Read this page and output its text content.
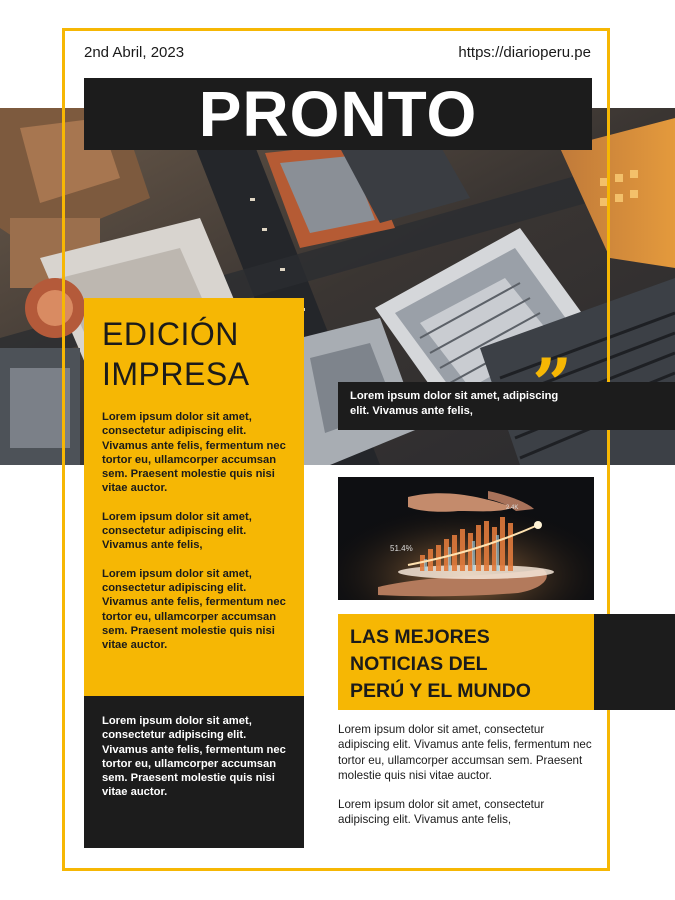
2nd Abril, 2023	https://diarioperu.pe
PRONTO
EDICIÓN
IMPRESA

Lorem ipsum dolor sit amet, consectetur adipiscing elit. Vivamus ante felis, fermentum nec tortor eu, ullamcorper accumsan sem. Praesent molestie quis nisi vitae auctor.

Lorem ipsum dolor sit amet, consectetur adipiscing elit. Vivamus ante felis,

Lorem ipsum dolor sit amet, consectetur adipiscing elit. Vivamus ante felis, fermentum nec tortor eu, ullamcorper accumsan sem. Praesent molestie quis nisi vitae auctor.

Lorem ipsum dolor sit amet, consectetur adipiscing elit. Vivamus ante felis, fermentum nec tortor eu, ullamcorper accumsan sem. Praesent molestie quis nisi vitae auctor.

Lorem ipsum dolor sit amet, adipiscing elit. Vivamus ante felis, ”
51.4%
2.4K
LAS MEJORES
NOTICIAS DEL
PERÚ Y EL MUNDO

Lorem ipsum dolor sit amet, consectetur adipiscing elit. Vivamus ante felis, fermentum nec tortor eu, ullamcorper accumsan sem. Praesent molestie quis nisi vitae auctor.

Lorem ipsum dolor sit amet, consectetur adipiscing elit. Vivamus ante felis,
